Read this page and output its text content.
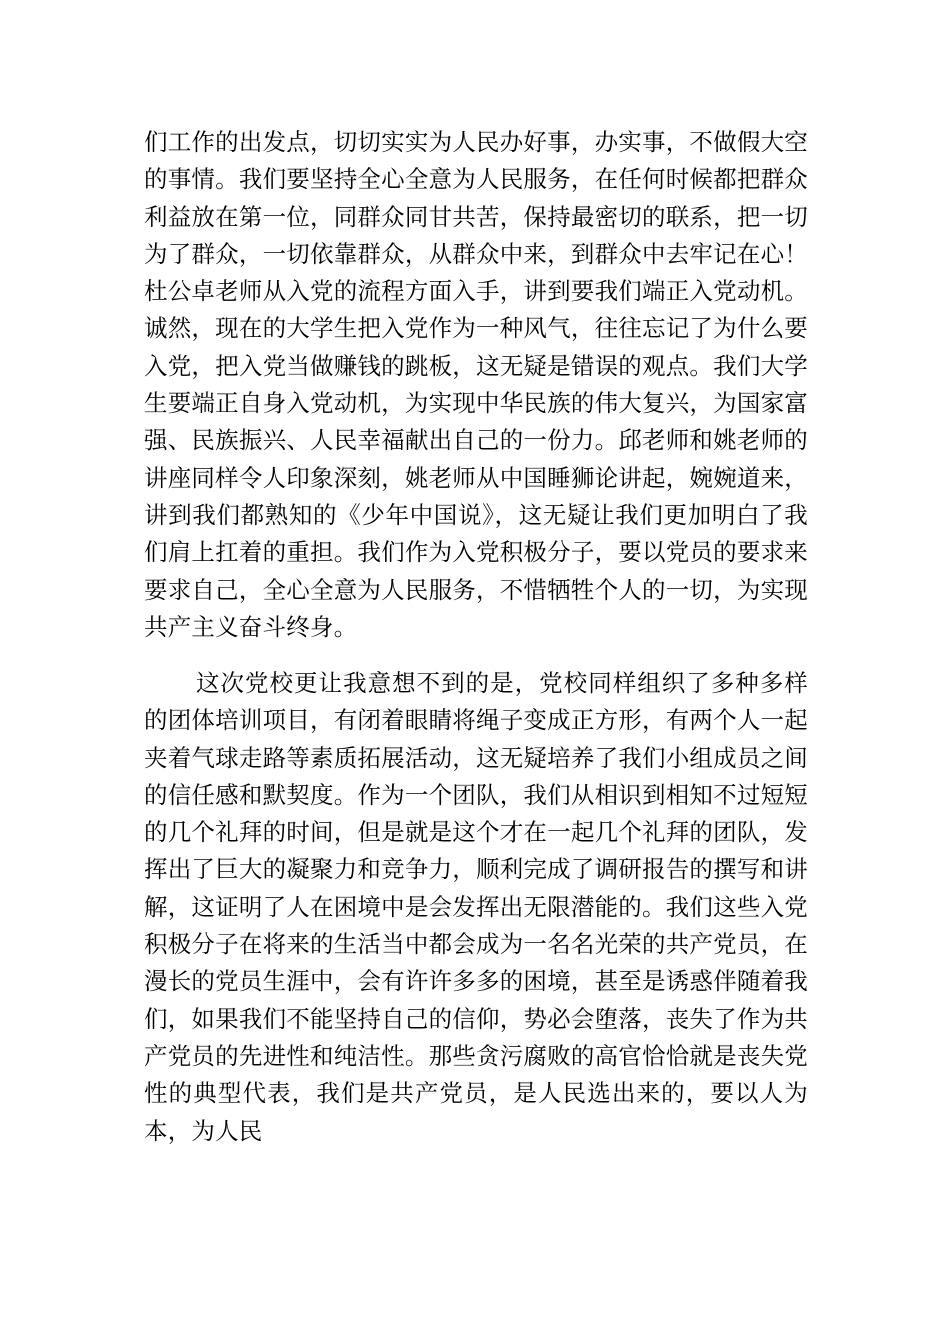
们工作的出发点，切切实实为人民办好事，办实事，不做假大空的事情。我们要坚持全心全意为人民服务，在任何时候都把群众利益放在第一位，同群众同甘共苦，保持最密切的联系，把一切为了群众，一切依靠群众，从群众中来，到群众中去牢记在心！杜公卓老师从入党的流程方面入手，讲到要我们端正入党动机。诚然，现在的大学生把入党作为一种风气，往往忘记了为什么要入党，把入党当做赚钱的跳板，这无疑是错误的观点。我们大学生要端正自身入党动机，为实现中华民族的伟大复兴，为国家富强、民族振兴、人民幸福献出自己的一份力。邱老师和姚老师的讲座同样令人印象深刻，姚老师从中国睡狮论讲起，婉婉道来，讲到我们都熟知的《少年中国说》，这无疑让我们更加明白了我们肩上扛着的重担。我们作为入党积极分子，要以党员的要求来要求自己，全心全意为人民服务，不惜牺牲个人的一切，为实现共产主义奋斗终身。

这次党校更让我意想不到的是，党校同样组织了多种多样的团体培训项目，有闭着眼睛将绳子变成正方形，有两个人一起夹着气球走路等素质拓展活动，这无疑培养了我们小组成员之间的信任感和默契度。作为一个团队，我们从相识到相知不过短短的几个礼拜的时间，但是就是这个才在一起几个礼拜的团队，发挥出了巨大的凝聚力和竞争力，顺利完成了调研报告的撰写和讲解，这证明了人在困境中是会发挥出无限潜能的。我们这些入党积极分子在将来的生活当中都会成为一名名光荣的共产党员，在漫长的党员生涯中，会有许许多多的困境，甚至是诱惑伴随着我们，如果我们不能坚持自己的信仰，势必会堕落，丧失了作为共产党员的先进性和纯洁性。那些贪污腐败的高官恰恰就是丧失党性的典型代表，我们是共产党员，是人民选出来的，要以人为本，为人民
